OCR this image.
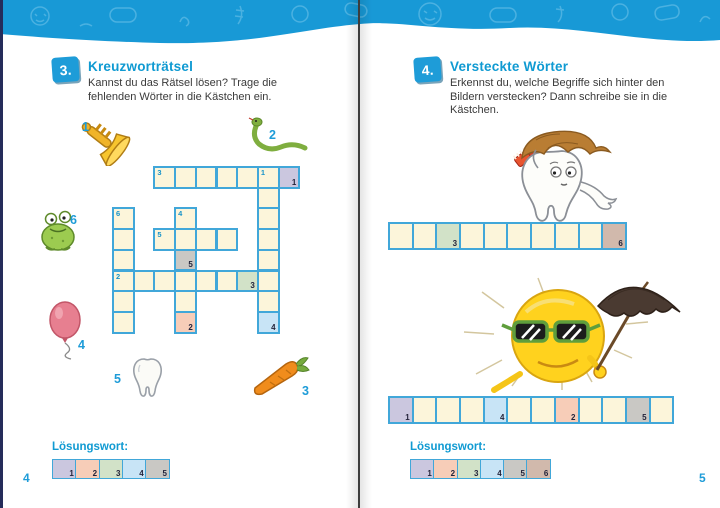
3. Kreuzworträtsel

Kannst du das Rätsel lösen? Trage die fehlenden Wörter in die Kästchen ein.

1
2
6
4
5
3
3	1
1
6	4
5
5
2
3
2	4
Lösungswort:
1 2 3 4 5
4
4. Versteckte Wörter

Erkennst du, welche Begriffe sich hinter den Bildern verstecken? Dann schreibe sie in die Kästchen.

3	6
1	4	2	5
Lösungswort:
1 2 3 4 5 6	5
